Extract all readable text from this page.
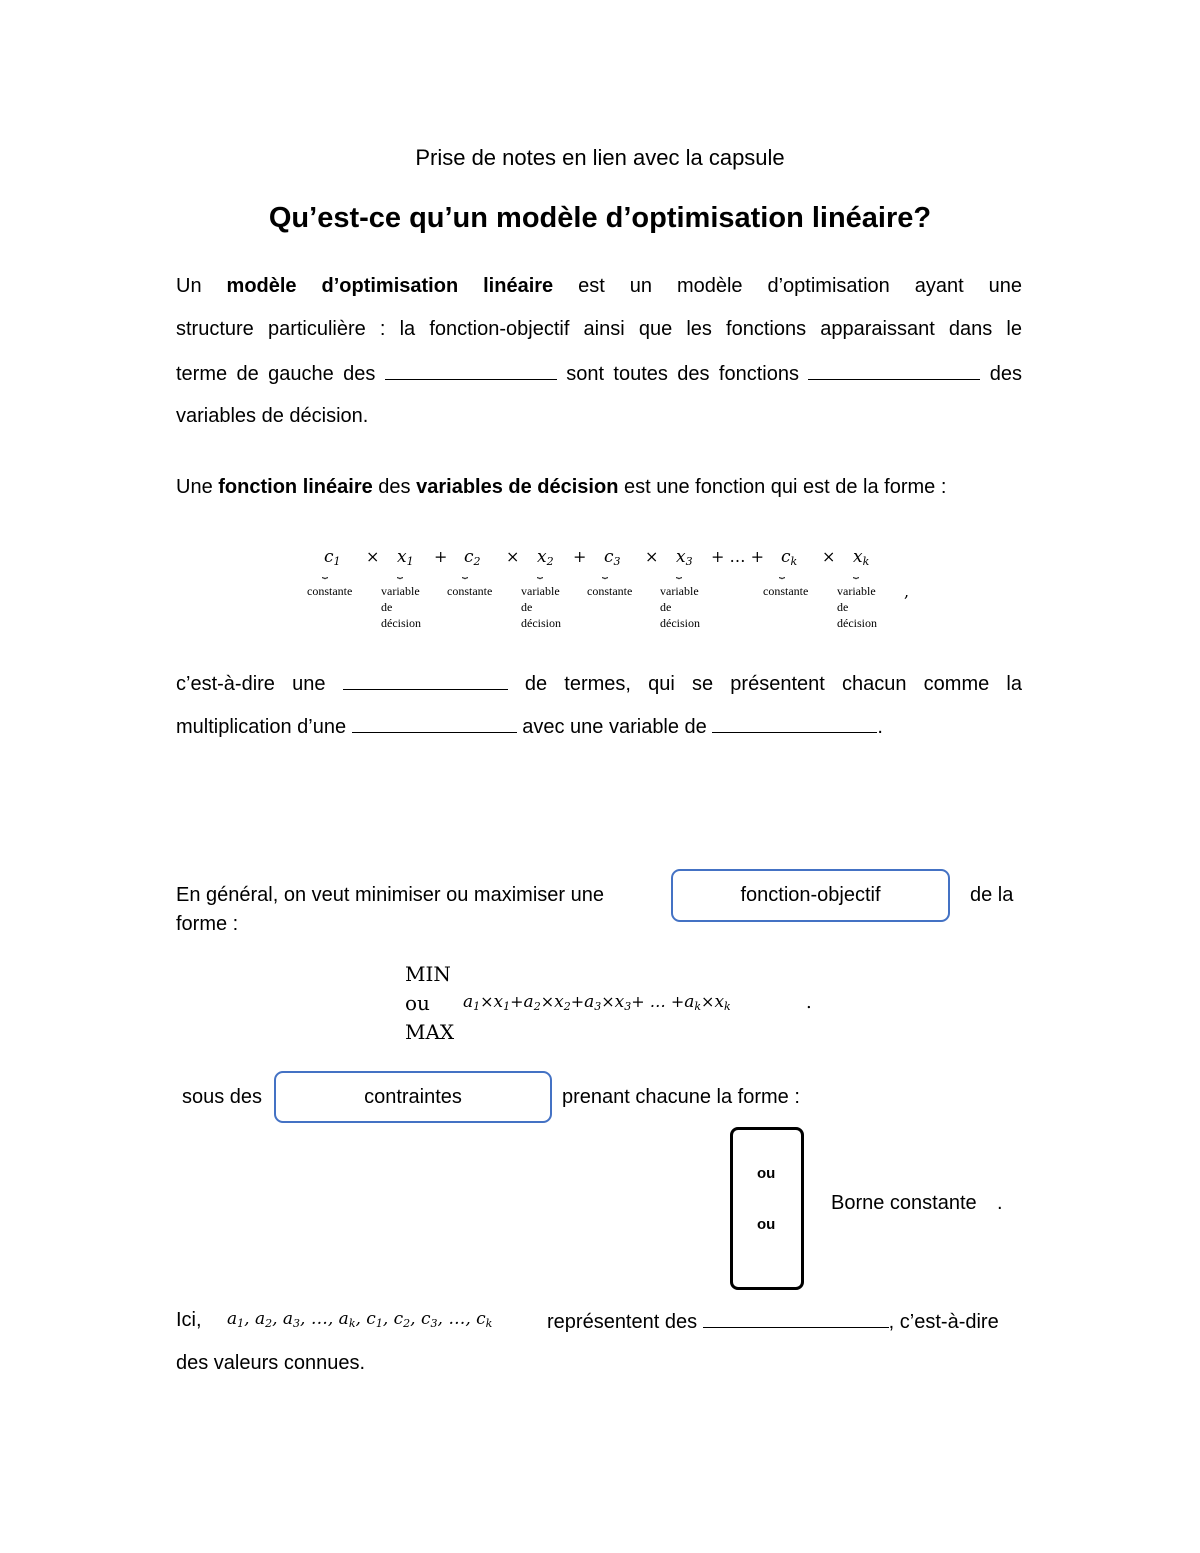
Prise de notes en lien avec la capsule
Qu’est-ce qu’un modèle d’optimisation linéaire?
Un modèle d’optimisation linéaire est un modèle d’optimisation ayant une
structure particulière : la fonction-objectif ainsi que les fonctions apparaissant dans le
terme de gauche des	sont toutes des fonctions	des
variables de décision.
Une fonction linéaire des variables de décision est une fonction qui est de la forme :
$c_1$
⏟
constante
× $x_1$
⏟
variable
de
décision
+ $c_2$
⏟
constante
× $x_2$
⏟
variable
de
décision
+ $c_3$
⏟
constante
× $x_3$
⏟
variable
de
décision
+ … + $c_k$
⏟
constante
× $x_k$
⏟
variable
de
décision
,
c’est-à-dire une	de termes, qui se présentent chacun comme la
multiplication d’une	avec une variable de	.
En général, on veut minimiser ou maximiser une	fonction-objectif	de la
forme :
MIN
ou
MAX
$a_1\times x_1+a_2\times x_2+a_3\times x_3+$ … $+a_k\times x_k$	.
sous des	contraintes	prenant chacune la forme :
ou
ou
Borne constante .
Ici, $a_1$, $a_2$, $a_3$, …, $a_k$, $c_1$, $c_2$, $c_3$, …, $c_k$	représentent des	, c’est-à-dire
des valeurs connues.
